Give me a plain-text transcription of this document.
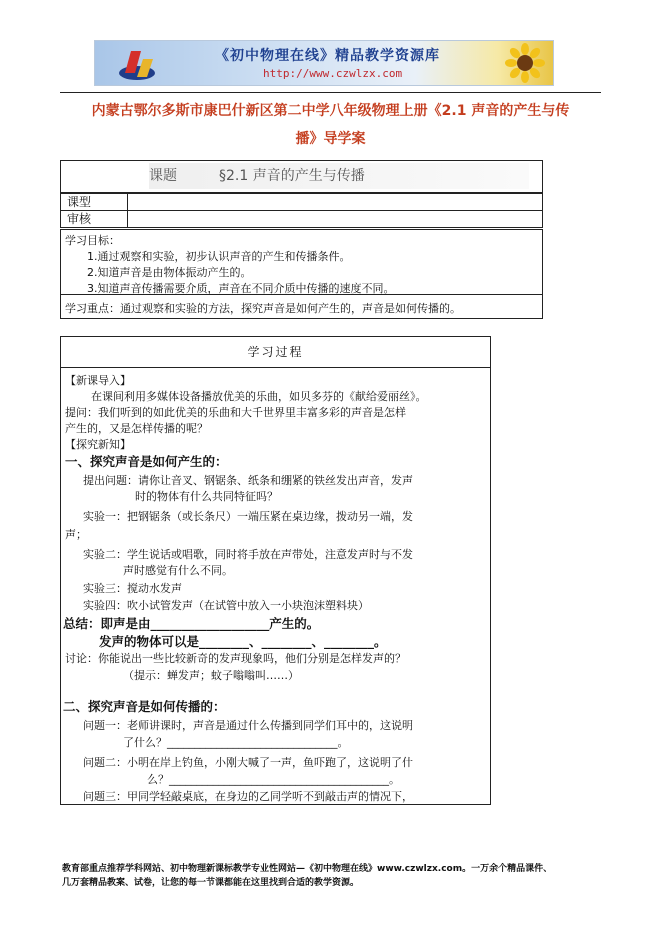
《初中物理在线》精品教学资源库
http://www.czwlzx.com
内蒙古鄂尔多斯市康巴什新区第二中学八年级物理上册《2.1 声音的产生与传
播》导学案
课题	§2.1 声音的产生与传播
课型
审核
学习目标：
1.通过观察和实验，初步认识声音的产生和传播条件。
2.知道声音是由物体振动产生的。
3.知道声音传播需要介质，声音在不同介质中传播的速度不同。
学习重点：通过观察和实验的方法，探究声音是如何产生的，声音是如何传播的。
学习过程
【新课导入】
在课间利用多媒体设备播放优美的乐曲，如贝多芬的《献给爱丽丝》。
提问：我们听到的如此优美的乐曲和大千世界里丰富多彩的声音是怎样
产生的，又是怎样传播的呢？
【探究新知】
一、探究声音是如何产生的：
提出问题：请你让音叉、钢锯条、纸条和绷紧的铁丝发出声音，发声
时的物体有什么共同特征吗？
实验一：把钢锯条（或长条尺）一端压紧在桌边缘，拨动另一端，发
声；
实验二：学生说话或唱歌，同时将手放在声带处，注意发声时与不发
声时感觉有什么不同。
实验三：搅动水发声
实验四：吹小试管发声（在试管中放入一小块泡沫塑料块）
总结：即声是由___________________产生的。
发声的物体可以是________、________、________。
讨论：你能说出一些比较新奇的发声现象吗，他们分别是怎样发声的？
（提示：蝉发声；蚊子嗡嗡叫……）
二、探究声音是如何传播的：
问题一：老师讲课时，声音是通过什么传播到同学们耳中的，这说明
了什么？_______________________________。
问题二：小明在岸上钓鱼，小刚大喊了一声，鱼吓跑了，这说明了什
么？________________________________________。
问题三：甲同学轻敲桌底，在身边的乙同学听不到敲击声的情况下，
教育部重点推荐学科网站、初中物理新课标教学专业性网站—《初中物理在线》www.czwlzx.com。一万余个精品课件、
几万套精品教案、试卷，让您的每一节课都能在这里找到合适的教学资源。
